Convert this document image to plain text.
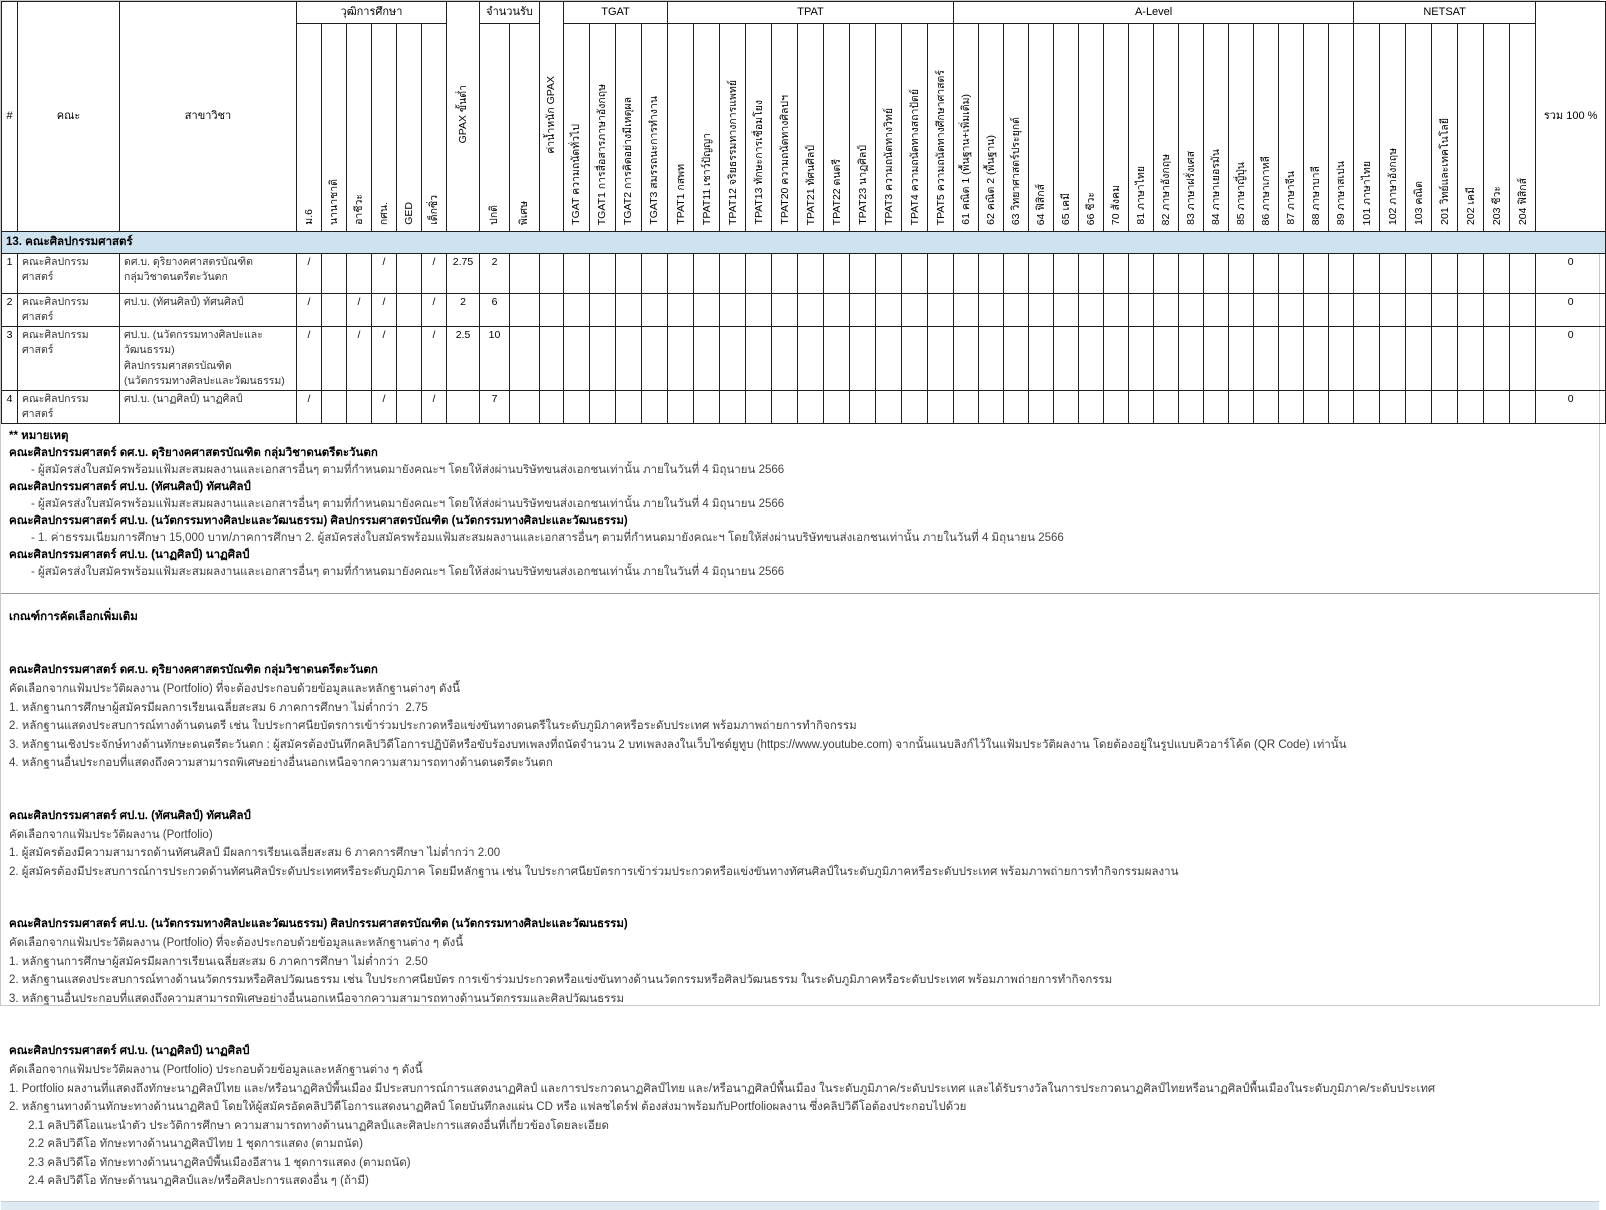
#	คณะ	สาขาวิชา	วุฒิการศึกษา						GPAX ขั้นต่ำ	จำนวนรับ		ค่าน้ำหนัก GPAX	TGAT				TPAT											A-Level																NETSAT							รวม 100 %
			ม.6	นานาชาติ	อาชีวะ	กศน.	GED	เด็กซิ่ว		ปกติ	พิเศษ		TGAT ความถนัดทั่วไป	TGAT1 การสื่อสารภาษาอังกฤษ	TGAT2 การคิดอย่างมีเหตุผล	TGAT3 สมรรถนะการทำงาน	TPAT1 กสพท	TPAT11 เชาว์ปัญญา	TPAT12 จริยธรรมทางการแพทย์	TPAT13 ทักษะการเชื่อมโยง	TPAT20 ความถนัดทางศิลปฯ	TPAT21 ทัศนศิลป์	TPAT22 ดนตรี	TPAT23 นาฏศิลป์	TPAT3 ความถนัดทางวิทย์	TPAT4 ความถนัดทางสถาปัตย์	TPAT5 ความถนัดทางศึกษาศาสตร์	61 คณิต 1 (พื้นฐาน+เพิ่มเติม)	62 คณิต 2 (พื้นฐาน)	63 วิทยาศาสตร์ประยุกต์	64 ฟิสิกส์	65 เคมี	66 ชีวะ	70 สังคม	81 ภาษาไทย	82 ภาษาอังกฤษ	83 ภาษาฝรั่งเศส	84 ภาษาเยอรมัน	85 ภาษาญี่ปุ่น	86 ภาษาเกาหลี	87 ภาษาจีน	88 ภาษาบาลี	89 ภาษาสเปน	101 ภาษาไทย	102 ภาษาอังกฤษ	103 คณิต	201 วิทย์และเทคโนโลยี	202 เคมี	203 ชีวะ	204 ฟิสิกส์	
13. คณะศิลปกรรมศาสตร์																																																			
1	คณะศิลปกรรมศาสตร์	ดศ.บ. ดุริยางคศาสตรบัณฑิต
กลุ่มวิชาดนตรีตะวันตก	/			/		/	2.75	2																																									0
2	คณะศิลปกรรมศาสตร์	ศป.บ. (ทัศนศิลป์) ทัศนศิลป์	/		/	/		/	2	6																																									0
3	คณะศิลปกรรมศาสตร์	ศป.บ. (นวัตกรรมทางศิลปะและวัฒนธรรม)
ศิลปกรรมศาสตรบัณฑิต
(นวัตกรรมทางศิลปะและวัฒนธรรม)	/		/	/		/	2.5	10																																									0
4	คณะศิลปกรรมศาสตร์	ศป.บ. (นาฏศิลป์) นาฏศิลป์	/			/		/		7																																									0
** หมายเหตุ
คณะศิลปกรรมศาสตร์ ดศ.บ. ดุริยางคศาสตรบัณฑิต กลุ่มวิชาดนตรีตะวันตก
- ผู้สมัครส่งใบสมัครพร้อมแฟ้มสะสมผลงานและเอกสารอื่นๆ ตามที่กำหนดมายังคณะฯ โดยให้ส่งผ่านบริษัทขนส่งเอกชนเท่านั้น ภายในวันที่ 4 มิถุนายน 2566
คณะศิลปกรรมศาสตร์ ศป.บ. (ทัศนศิลป์) ทัศนศิลป์
- ผู้สมัครส่งใบสมัครพร้อมแฟ้มสะสมผลงานและเอกสารอื่นๆ ตามที่กำหนดมายังคณะฯ โดยให้ส่งผ่านบริษัทขนส่งเอกชนเท่านั้น ภายในวันที่ 4 มิถุนายน 2566
คณะศิลปกรรมศาสตร์ ศป.บ. (นวัตกรรมทางศิลปะและวัฒนธรรม) ศิลปกรรมศาสตรบัณฑิต (นวัตกรรมทางศิลปะและวัฒนธรรม)
- 1. ค่าธรรมเนียมการศึกษา 15,000 บาท/ภาคการศึกษา 2. ผู้สมัครส่งใบสมัครพร้อมแฟ้มสะสมผลงานและเอกสารอื่นๆ ตามที่กำหนดมายังคณะฯ โดยให้ส่งผ่านบริษัทขนส่งเอกชนเท่านั้น ภายในวันที่ 4 มิถุนายน 2566
คณะศิลปกรรมศาสตร์ ศป.บ. (นาฏศิลป์) นาฏศิลป์
- ผู้สมัครส่งใบสมัครพร้อมแฟ้มสะสมผลงานและเอกสารอื่นๆ ตามที่กำหนดมายังคณะฯ โดยให้ส่งผ่านบริษัทขนส่งเอกชนเท่านั้น ภายในวันที่ 4 มิถุนายน 2566
เกณฑ์การคัดเลือกเพิ่มเติม
คณะศิลปกรรมศาสตร์ ดศ.บ. ดุริยางคศาสตรบัณฑิต กลุ่มวิชาดนตรีตะวันตก
คัดเลือกจากแฟ้มประวัติผลงาน (Portfolio) ที่จะต้องประกอบด้วยข้อมูลและหลักฐานต่างๆ ดังนี้
1. หลักฐานการศึกษาผู้สมัครมีผลการเรียนเฉลี่ยสะสม 6 ภาคการศึกษา ไม่ต่ำกว่า  2.75
2. หลักฐานแสดงประสบการณ์ทางด้านดนตรี เช่น ใบประกาศนียบัตรการเข้าร่วมประกวดหรือแข่งขันทางดนตรีในระดับภูมิภาคหรือระดับประเทศ พร้อมภาพถ่ายการทำกิจกรรม
3. หลักฐานเชิงประจักษ์ทางด้านทักษะดนตรีตะวันตก : ผู้สมัครต้องบันทึกคลิปวิดีโอการปฏิบัติหรือขับร้องบทเพลงที่ถนัดจำนวน 2 บทเพลงลงในเว็บไซต์ยูทูบ (https://www.youtube.com) จากนั้นแนบลิงก์ไว้ในแฟ้มประวัติผลงาน โดยต้องอยู่ในรูปแบบคิวอาร์โค้ด (QR Code) เท่านั้น
4. หลักฐานอื่นประกอบที่แสดงถึงความสามารถพิเศษอย่างอื่นนอกเหนือจากความสามารถทางด้านดนตรีตะวันตก
คณะศิลปกรรมศาสตร์ ศป.บ. (ทัศนศิลป์) ทัศนศิลป์
คัดเลือกจากแฟ้มประวัติผลงาน (Portfolio)
1. ผู้สมัครต้องมีความสามารถด้านทัศนศิลป์ มีผลการเรียนเฉลี่ยสะสม 6 ภาคการศึกษา ไม่ต่ำกว่า 2.00
2. ผู้สมัครต้องมีประสบการณ์การประกวดด้านทัศนศิลป์ระดับประเทศหรือระดับภูมิภาค โดยมีหลักฐาน เช่น ใบประกาศนียบัตรการเข้าร่วมประกวดหรือแข่งขันทางทัศนศิลป์ในระดับภูมิภาคหรือระดับประเทศ พร้อมภาพถ่ายการทำกิจกรรมผลงาน
คณะศิลปกรรมศาสตร์ ศป.บ. (นวัตกรรมทางศิลปะและวัฒนธรรม) ศิลปกรรมศาสตรบัณฑิต (นวัตกรรมทางศิลปะและวัฒนธรรม)
คัดเลือกจากแฟ้มประวัติผลงาน (Portfolio) ที่จะต้องประกอบด้วยข้อมูลและหลักฐานต่าง ๆ ดังนี้
1. หลักฐานการศึกษาผู้สมัครมีผลการเรียนเฉลี่ยสะสม 6 ภาคการศึกษา ไม่ต่ำกว่า  2.50
2. หลักฐานแสดงประสบการณ์ทางด้านนวัตกรรมหรือศิลปวัฒนธรรม เช่น ใบประกาศนียบัตร การเข้าร่วมประกวดหรือแข่งขันทางด้านนวัตกรรมหรือศิลปวัฒนธรรม ในระดับภูมิภาคหรือระดับประเทศ พร้อมภาพถ่ายการทำกิจกรรม
3. หลักฐานอื่นประกอบที่แสดงถึงความสามารถพิเศษอย่างอื่นนอกเหนือจากความสามารถทางด้านนวัตกรรมและศิลปวัฒนธรรม
คณะศิลปกรรมศาสตร์ ศป.บ. (นาฏศิลป์) นาฏศิลป์
คัดเลือกจากแฟ้มประวัติผลงาน (Portfolio) ประกอบด้วยข้อมูลและหลักฐานต่าง ๆ ดังนี้
1. Portfolio ผลงานที่แสดงถึงทักษะนาฏศิลป์ไทย และ/หรือนาฏศิลป์พื้นเมือง มีประสบการณ์การแสดงนาฏศิลป์ และการประกวดนาฏศิลป์ไทย และ/หรือนาฏศิลป์พื้นเมือง ในระดับภูมิภาค/ระดับประเทศ และได้รับรางวัลในการประกวดนาฏศิลป์ไทยหรือนาฏศิลป์พื้นเมืองในระดับภูมิภาค/ระดับประเทศ
2. หลักฐานทางด้านทักษะทางด้านนาฏศิลป์ โดยให้ผู้สมัครอัดคลิปวิดีโอการแสดงนาฏศิลป์ โดยบันทึกลงแผ่น CD หรือ แฟลชไดร์ฟ ต้องส่งมาพร้อมกับPortfolioผลงาน ซึ่งคลิปวิดีโอต้องประกอบไปด้วย
2.1 คลิปวิดีโอแนะนำตัว ประวัติการศึกษา ความสามารถทางด้านนาฏศิลป์และศิลปะการแสดงอื่นที่เกี่ยวข้องโดยละเอียด
2.2 คลิปวิดีโอ ทักษะทางด้านนาฏศิลป์ไทย 1 ชุดการแสดง (ตามถนัด)
2.3 คลิปวิดีโอ ทักษะทางด้านนาฏศิลป์พื้นเมืองอีสาน 1 ชุดการแสดง (ตามถนัด)
2.4 คลิปวิดีโอ ทักษะด้านนาฏศิลป์และ/หรือศิลปะการแสดงอื่น ๆ (ถ้ามี)
